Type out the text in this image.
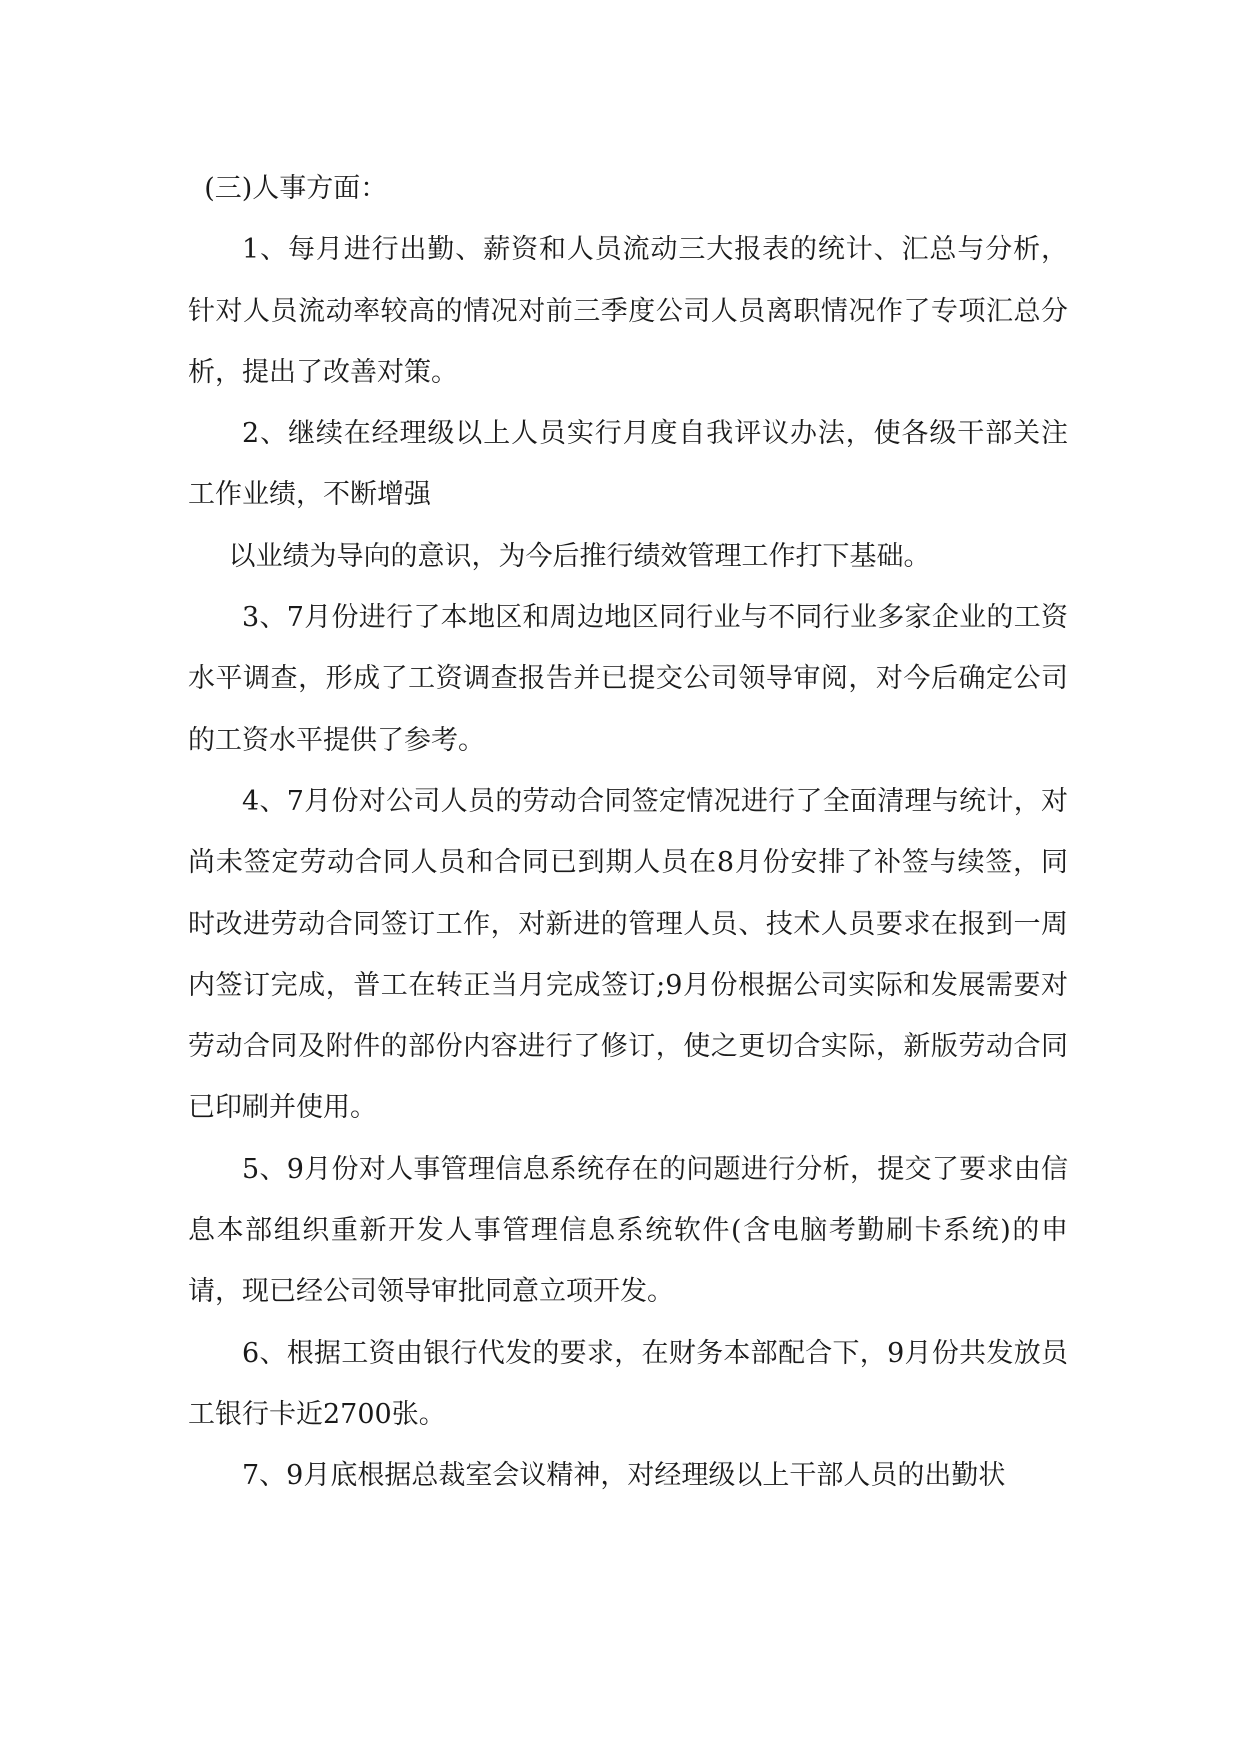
(三)人事方面：

1、每月进行出勤、薪资和人员流动三大报表的统计、汇总与分析，针对人员流动率较高的情况对前三季度公司人员离职情况作了专项汇总分析，提出了改善对策。

2、继续在经理级以上人员实行月度自我评议办法，使各级干部关注工作业绩，不断增强

以业绩为导向的意识，为今后推行绩效管理工作打下基础。

3、7月份进行了本地区和周边地区同行业与不同行业多家企业的工资水平调查，形成了工资调查报告并已提交公司领导审阅，对今后确定公司的工资水平提供了参考。

4、7月份对公司人员的劳动合同签定情况进行了全面清理与统计，对尚未签定劳动合同人员和合同已到期人员在8月份安排了补签与续签，同时改进劳动合同签订工作，对新进的管理人员、技术人员要求在报到一周内签订完成，普工在转正当月完成签订;9月份根据公司实际和发展需要对劳动合同及附件的部份内容进行了修订，使之更切合实际，新版劳动合同已印刷并使用。

5、9月份对人事管理信息系统存在的问题进行分析，提交了要求由信息本部组织重新开发人事管理信息系统软件(含电脑考勤刷卡系统)的申请，现已经公司领导审批同意立项开发。

6、根据工资由银行代发的要求，在财务本部配合下，9月份共发放员工银行卡近2700张。

7、9月底根据总裁室会议精神，对经理级以上干部人员的出勤状
